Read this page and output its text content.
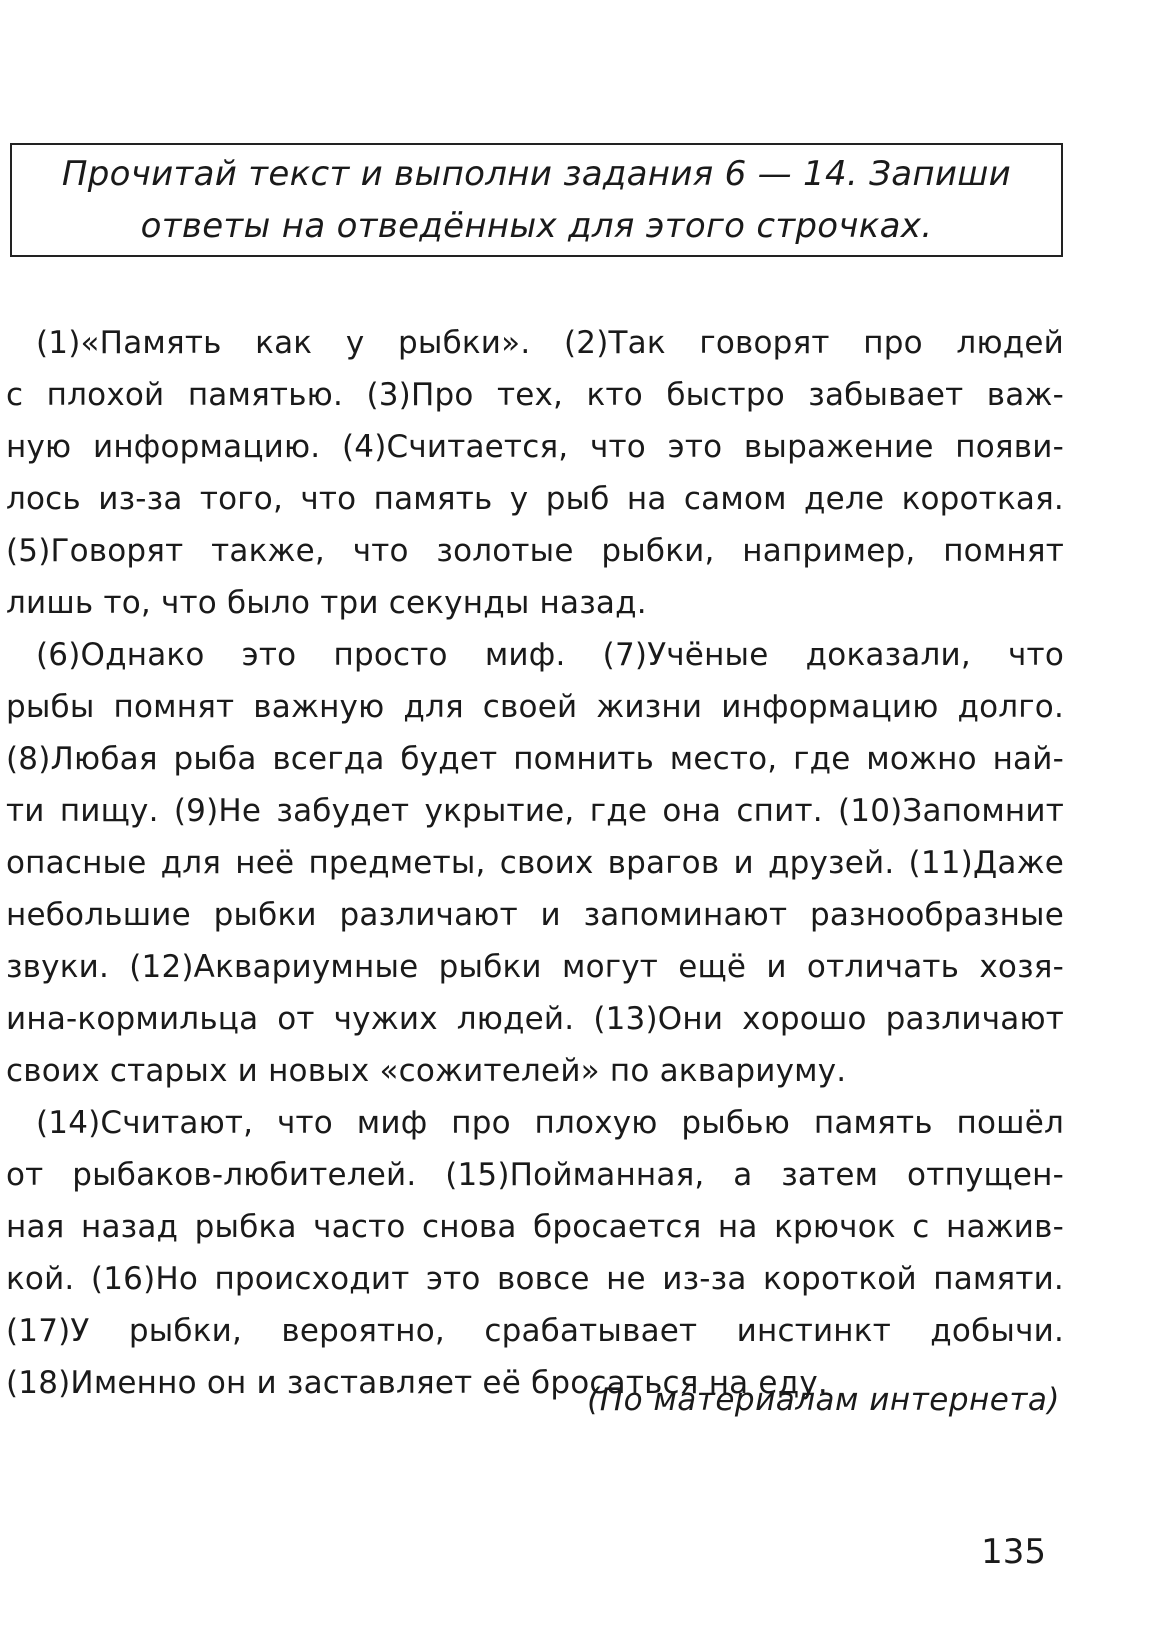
Прочитай текст и выполни задания 6 — 14. Запиши
ответы на отведённых для этого строчках.
(1)«Память как у рыбки». (2)Так говорят про людей
с плохой памятью. (3)Про тех, кто быстро забывает важ-
ную информацию. (4)Считается, что это выражение появи-
лось из-за того, что память у рыб на самом деле короткая.
(5)Говорят также, что золотые рыбки, например, помнят
лишь то, что было три секунды назад.
(6)Однако это просто миф. (7)Учёные доказали, что
рыбы помнят важную для своей жизни информацию долго.
(8)Любая рыба всегда будет помнить место, где можно най-
ти пищу. (9)Не забудет укрытие, где она спит. (10)Запомнит
опасные для неё предметы, своих врагов и друзей. (11)Даже
небольшие рыбки различают и запоминают разнообразные
звуки. (12)Аквариумные рыбки могут ещё и отличать хозя-
ина-кормильца от чужих людей. (13)Они хорошо различают
своих старых и новых «сожителей» по аквариуму.
(14)Считают, что миф про плохую рыбью память пошёл
от рыбаков-любителей. (15)Пойманная, а затем отпущен-
ная назад рыбка часто снова бросается на крючок с нажив-
кой. (16)Но происходит это вовсе не из-за короткой памяти.
(17)У рыбки, вероятно, срабатывает инстинкт добычи.
(18)Именно он и заставляет её бросаться на еду.
(По материалам интернета)
135
